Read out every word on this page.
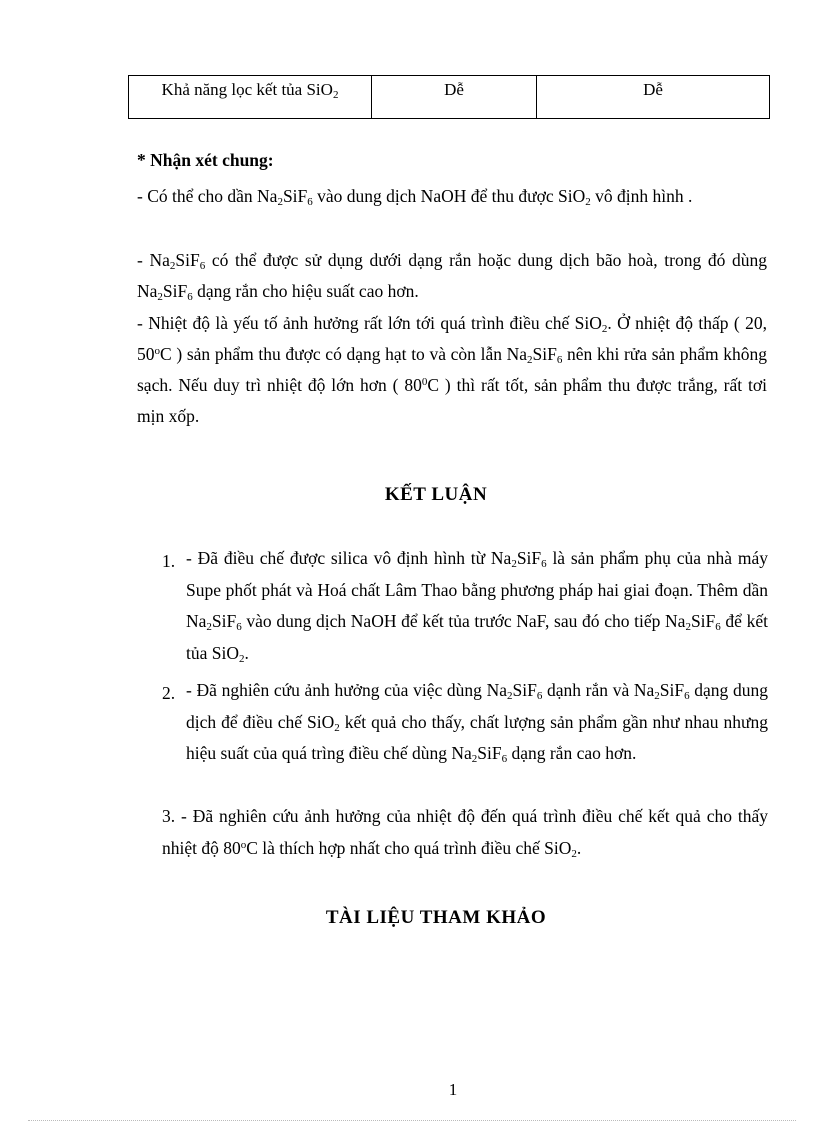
Khả năng lọc kết tủa SiO$_2$	Dễ	Dễ
* Nhận xét chung:
- Có thể cho dần $Na_2SiF_6$ vào dung dịch NaOH để thu được SiO$_2$ vô định hình .
- $Na_2SiF_6$ có thể được sử dụng dưới dạng rắn hoặc dung dịch bão hoà, trong đó dùng $Na_2SiF_6$ dạng rắn cho hiệu suất cao hơn.
- Nhiệt độ là yếu tố ảnh hưởng rất lớn tới quá trình điều chế SiO$_2$. Ở nhiệt độ thấp ( 20, 50$^o$C ) sản phẩm thu được có dạng hạt to và còn lẫn $Na_2SiF_6$ nên khi rửa sản phẩm không sạch. Nếu duy trì nhiệt độ lớn hơn ( $80^0C$ ) thì rất tốt, sản phẩm thu được trắng, rất tơi mịn xốp.
KẾT LUẬN
1. - Đã điều chế được silica vô định hình từ $Na_2SiF_6$ là sản phẩm phụ của nhà máy Supe phốt phát và Hoá chất Lâm Thao bằng phương pháp hai giai đoạn. Thêm dần $Na_2SiF_6$ vào dung dịch NaOH để kết tủa trước NaF, sau đó cho tiếp $Na_2SiF_6$ để kết tủa SiO$_2$.
2. - Đã nghiên cứu ảnh hưởng của việc dùng $Na_2SiF_6$ dạnh rắn và $Na_2SiF_6$ dạng dung dịch để điều chế SiO$_2$ kết quả cho thấy, chất lượng sản phẩm gần như nhau nhưng hiệu suất của quá trìng điều chế dùng $Na_2SiF_6$ dạng rắn cao hơn.
3. - Đã nghiên cứu ảnh hưởng của nhiệt độ đến quá trình điều chế kết quả cho thấy nhiệt độ 80$^o$C là thích hợp nhất cho quá trình điều chế SiO$_2$.
TÀI LIỆU THAM KHẢO
1
